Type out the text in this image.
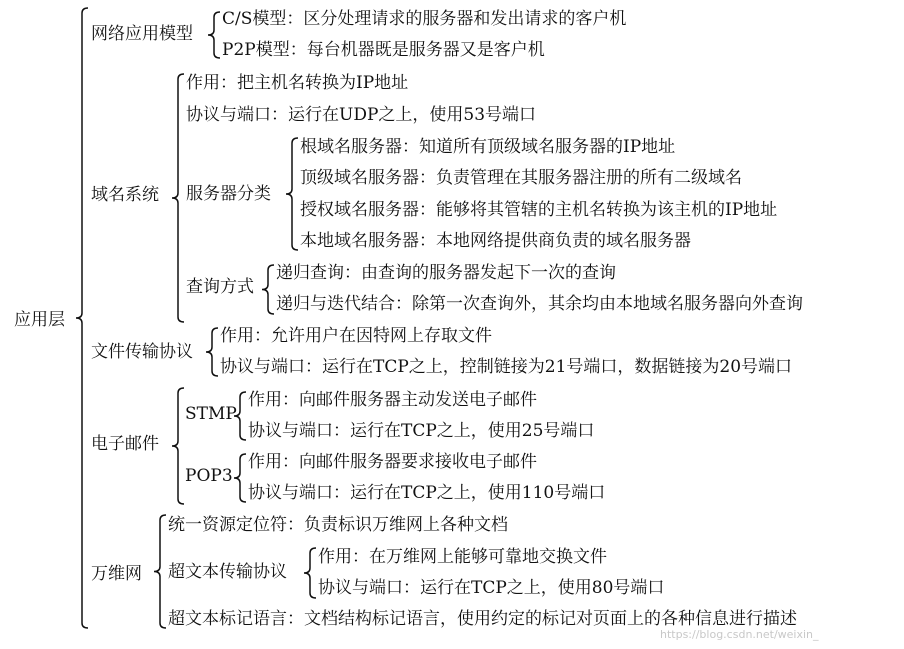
应用层
网络应用模型
C/S模型：区分处理请求的服务器和发出请求的客户机
P2P模型：每台机器既是服务器又是客户机
域名系统
作用：把主机名转换为IP地址
协议与端口：运行在UDP之上，使用53号端口
服务器分类
根域名服务器：知道所有顶级域名服务器的IP地址
顶级域名服务器：负责管理在其服务器注册的所有二级域名
授权域名服务器：能够将其管辖的主机名转换为该主机的IP地址
本地域名服务器：本地网络提供商负责的域名服务器
查询方式
递归查询：由查询的服务器发起下一次的查询
递归与迭代结合：除第一次查询外，其余均由本地域名服务器向外查询
文件传输协议
作用：允许用户在因特网上存取文件
协议与端口：运行在TCP之上，控制链接为21号端口，数据链接为20号端口
电子邮件
STMP
作用：向邮件服务器主动发送电子邮件
协议与端口：运行在TCP之上，使用25号端口
POP3
作用：向邮件服务器要求接收电子邮件
协议与端口：运行在TCP之上，使用110号端口
万维网
统一资源定位符：负责标识万维网上各种文档
超文本传输协议
作用：在万维网上能够可靠地交换文件
协议与端口：运行在TCP之上，使用80号端口
超文本标记语言：文档结构标记语言，使用约定的标记对页面上的各种信息进行描述
https://blog.csdn.net/weixin_
